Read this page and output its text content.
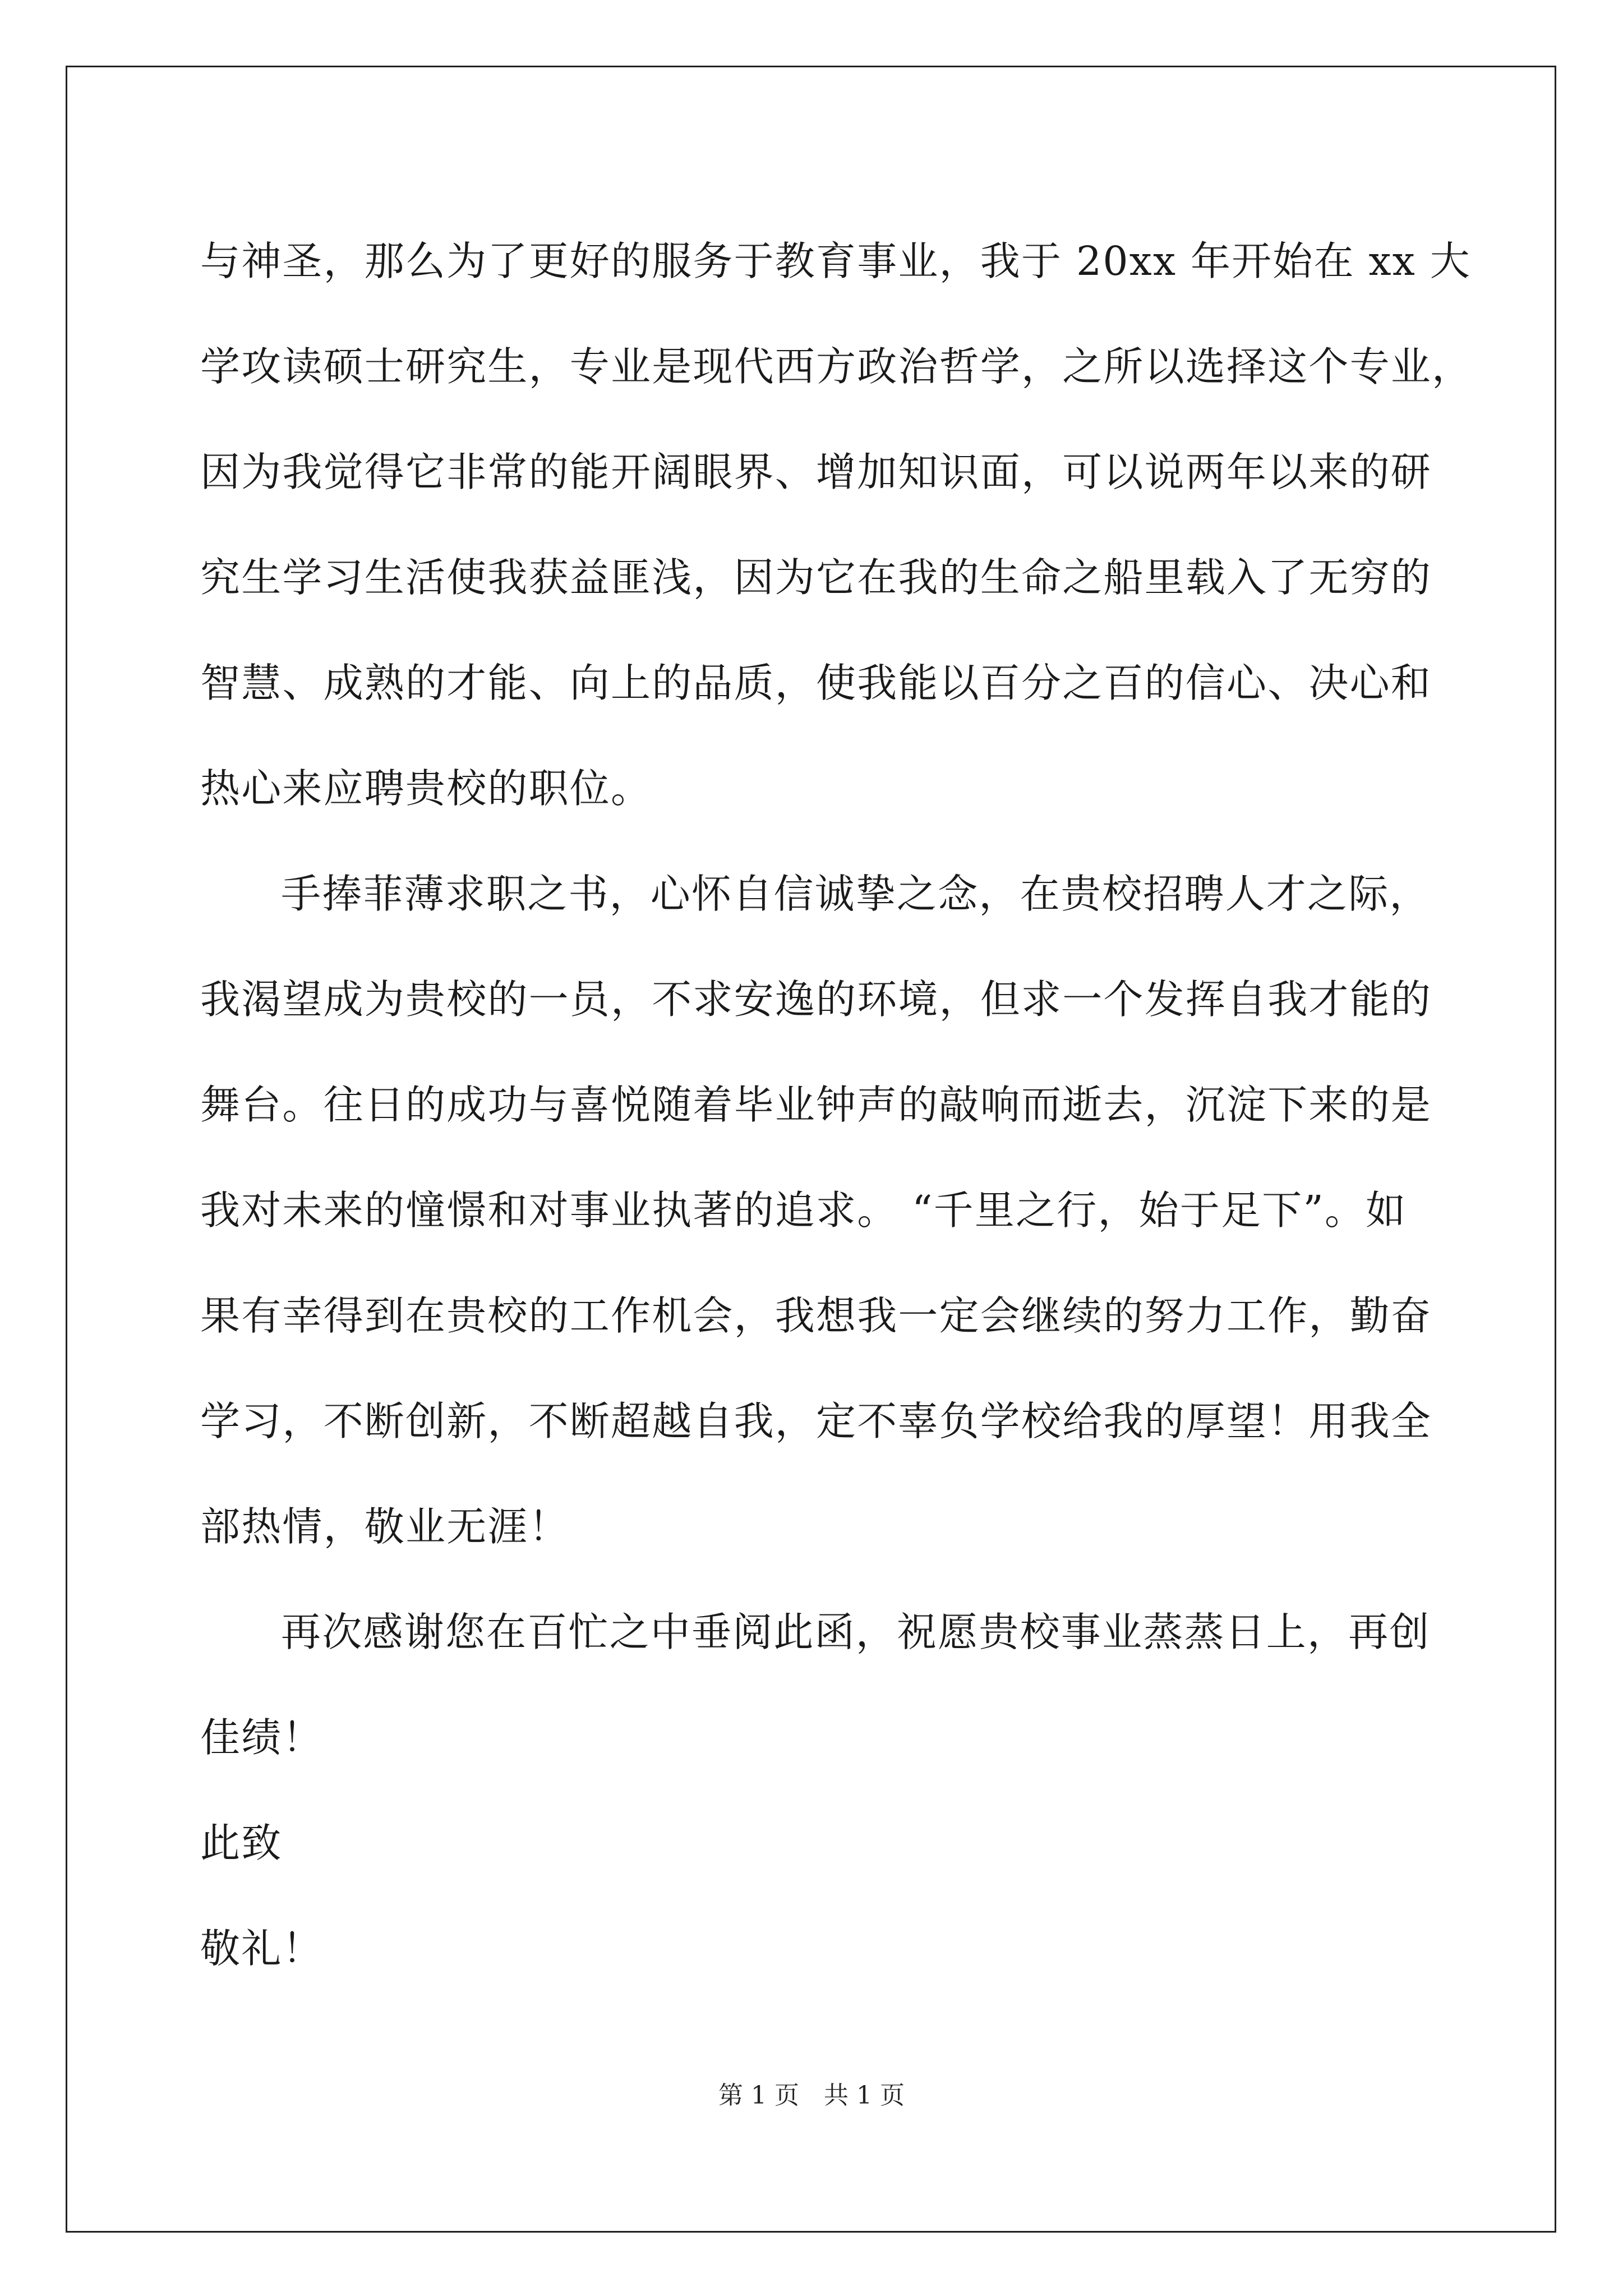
与神圣，那么为了更好的服务于教育事业，我于 20xx 年开始在 xx 大
学攻读硕士研究生，专业是现代西方政治哲学，之所以选择这个专业，
因为我觉得它非常的能开阔眼界、增加知识面，可以说两年以来的研
究生学习生活使我获益匪浅，因为它在我的生命之船里载入了无穷的
智慧、成熟的才能、向上的品质，使我能以百分之百的信心、决心和
热心来应聘贵校的职位。
手捧菲薄求职之书，心怀自信诚挚之念，在贵校招聘人才之际，
我渴望成为贵校的一员，不求安逸的环境，但求一个发挥自我才能的
舞台。往日的成功与喜悦随着毕业钟声的敲响而逝去，沉淀下来的是
我对未来的憧憬和对事业执著的追求。 “千里之行，始于足下”。如
果有幸得到在贵校的工作机会，我想我一定会继续的努力工作，勤奋
学习，不断创新，不断超越自我，定不辜负学校给我的厚望！用我全
部热情，敬业无涯！
再次感谢您在百忙之中垂阅此函，祝愿贵校事业蒸蒸日上，再创
佳绩！
此致
敬礼！
第 1 页　共 1 页
